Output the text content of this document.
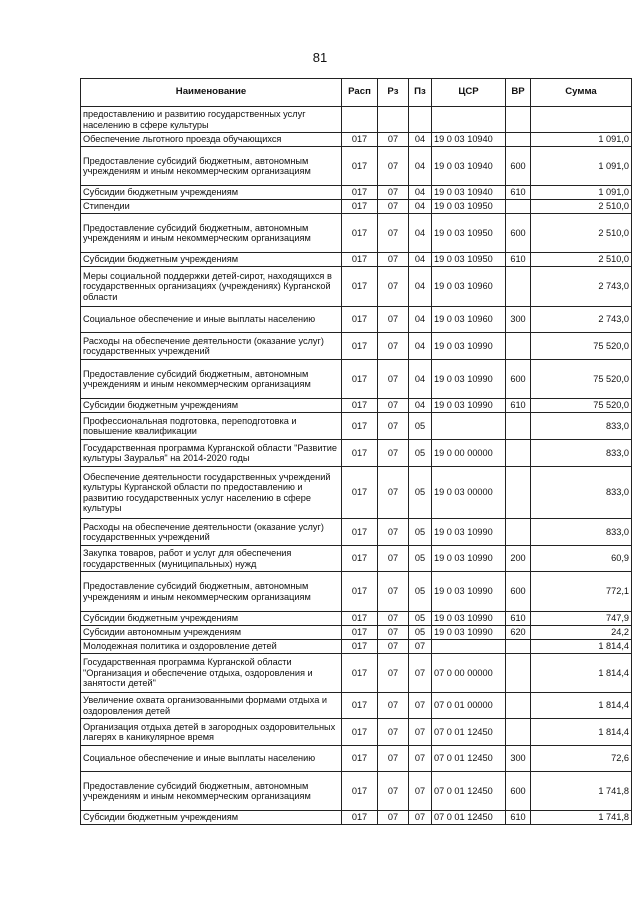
81
Наименование	Расп	Рз	Пз	ЦСР	ВР	Сумма
предоставлению и развитию государственных услуг населению в сфере культуры						
Обеспечение льготного проезда обучающихся	017	07	04	19 0 03 10940		1 091,0
Предоставление субсидий бюджетным, автономным учреждениям и иным некоммерческим организациям	017	07	04	19 0 03 10940	600	1 091,0
Субсидии бюджетным учреждениям	017	07	04	19 0 03 10940	610	1 091,0
Стипендии	017	07	04	19 0 03 10950		2 510,0
Предоставление субсидий бюджетным, автономным учреждениям и иным некоммерческим организациям	017	07	04	19 0 03 10950	600	2 510,0
Субсидии бюджетным учреждениям	017	07	04	19 0 03 10950	610	2 510,0
Меры социальной поддержки детей-сирот, находящихся в государственных организациях (учреждениях) Курганской области	017	07	04	19 0 03 10960		2 743,0
Социальное обеспечение и иные выплаты населению	017	07	04	19 0 03 10960	300	2 743,0
Расходы на обеспечение деятельности (оказание услуг) государственных учреждений	017	07	04	19 0 03 10990		75 520,0
Предоставление субсидий бюджетным, автономным учреждениям и иным некоммерческим организациям	017	07	04	19 0 03 10990	600	75 520,0
Субсидии бюджетным учреждениям	017	07	04	19 0 03 10990	610	75 520,0
Профессиональная подготовка, переподготовка и повышение квалификации	017	07	05			833,0
Государственная программа Курганской области "Развитие культуры Зауралья" на 2014-2020 годы	017	07	05	19 0 00 00000		833,0
Обеспечение деятельности государственных учреждений культуры Курганской области по предоставлению и развитию государственных услуг населению в сфере культуры	017	07	05	19 0 03 00000		833,0
Расходы на обеспечение деятельности (оказание услуг) государственных учреждений	017	07	05	19 0 03 10990		833,0
Закупка товаров, работ и услуг для обеспечения государственных (муниципальных) нужд	017	07	05	19 0 03 10990	200	60,9
Предоставление субсидий бюджетным, автономным учреждениям и иным некоммерческим организациям	017	07	05	19 0 03 10990	600	772,1
Субсидии бюджетным учреждениям	017	07	05	19 0 03 10990	610	747,9
Субсидии автономным учреждениям	017	07	05	19 0 03 10990	620	24,2
Молодежная политика и оздоровление детей	017	07	07			1 814,4
Государственная программа Курганской области "Организация и обеспечение отдыха, оздоровления и занятости детей"	017	07	07	07 0 00 00000		1 814,4
Увеличение охвата организованными формами отдыха и оздоровления детей	017	07	07	07 0 01 00000		1 814,4
Организация отдыха детей в загородных оздоровительных лагерях в каникулярное время	017	07	07	07 0 01 12450		1 814,4
Социальное обеспечение и иные выплаты населению	017	07	07	07 0 01 12450	300	72,6
Предоставление субсидий бюджетным, автономным учреждениям и иным некоммерческим организациям	017	07	07	07 0 01 12450	600	1 741,8
Субсидии бюджетным учреждениям	017	07	07	07 0 01 12450	610	1 741,8
